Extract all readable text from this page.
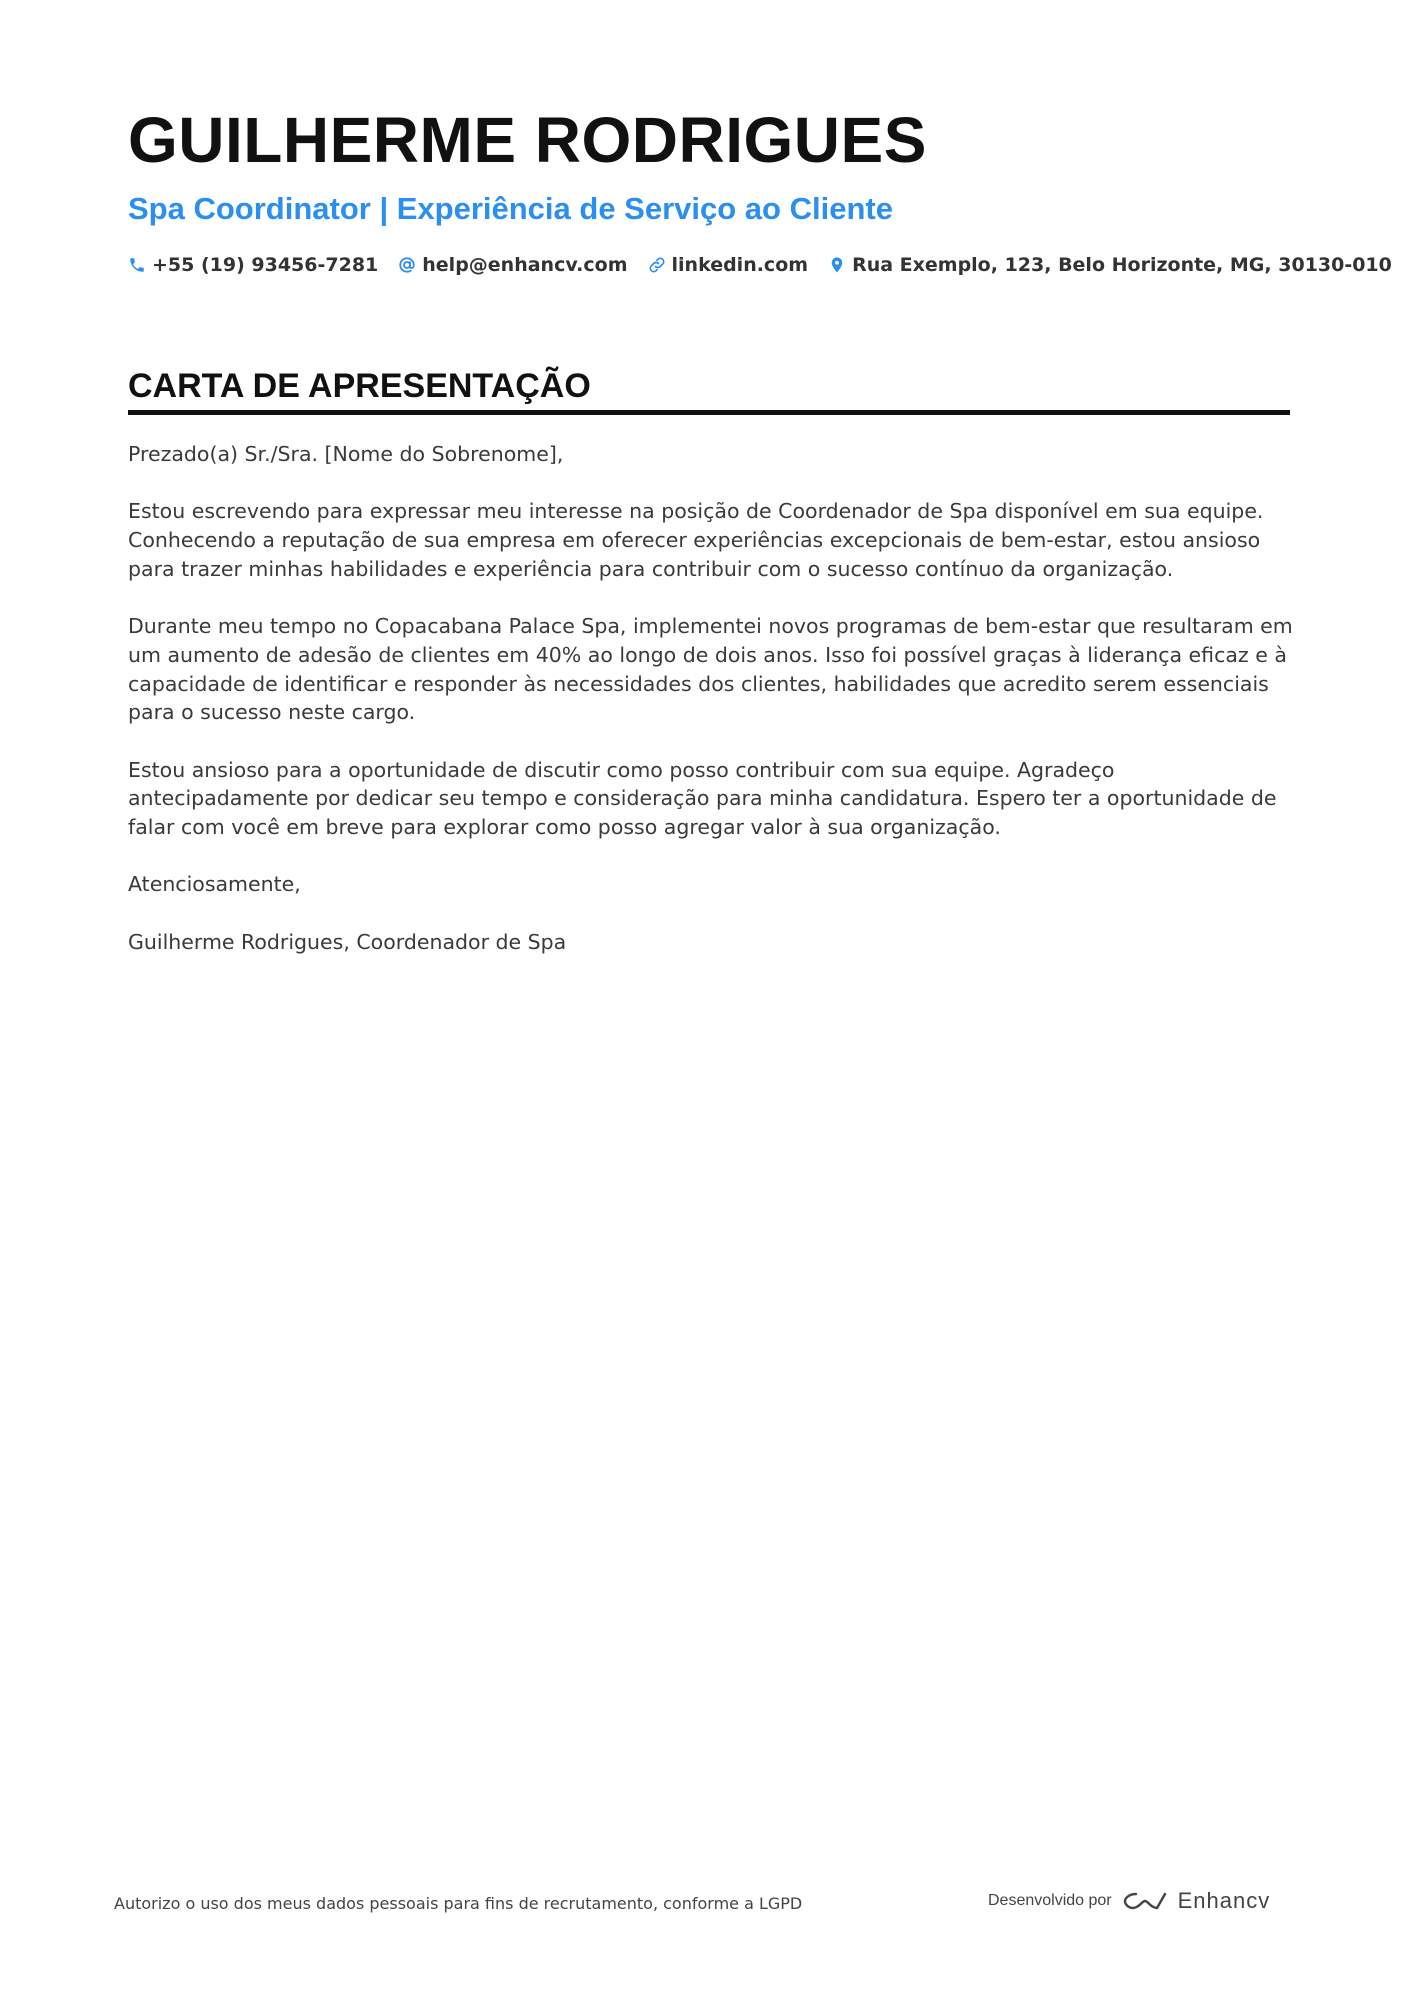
GUILHERME RODRIGUES
Spa Coordinator | Experiência de Serviço ao Cliente
+55 (19) 93456-7281 help@enhancv.com linkedin.com Rua Exemplo, 123, Belo Horizonte, MG, 30130-010
CARTA DE APRESENTAÇÃO

Prezado(a) Sr./Sra. [Nome do Sobrenome],

Estou escrevendo para expressar meu interesse na posição de Coordenador de Spa disponível em sua equipe. Conhecendo a reputação de sua empresa em oferecer experiências excepcionais de bem-estar, estou ansioso para trazer minhas habilidades e experiência para contribuir com o sucesso contínuo da organização.

Durante meu tempo no Copacabana Palace Spa, implementei novos programas de bem-estar que resultaram em um aumento de adesão de clientes em 40% ao longo de dois anos. Isso foi possível graças à liderança eficaz e à capacidade de identificar e responder às necessidades dos clientes, habilidades que acredito serem essenciais para o sucesso neste cargo.

Estou ansioso para a oportunidade de discutir como posso contribuir com sua equipe. Agradeço antecipadamente por dedicar seu tempo e consideração para minha candidatura. Espero ter a oportunidade de falar com você em breve para explorar como posso agregar valor à sua organização.

Atenciosamente,

Guilherme Rodrigues, Coordenador de Spa

Autorizo o uso dos meus dados pessoais para fins de recrutamento, conforme a LGPD	Desenvolvido por	Enhancv
